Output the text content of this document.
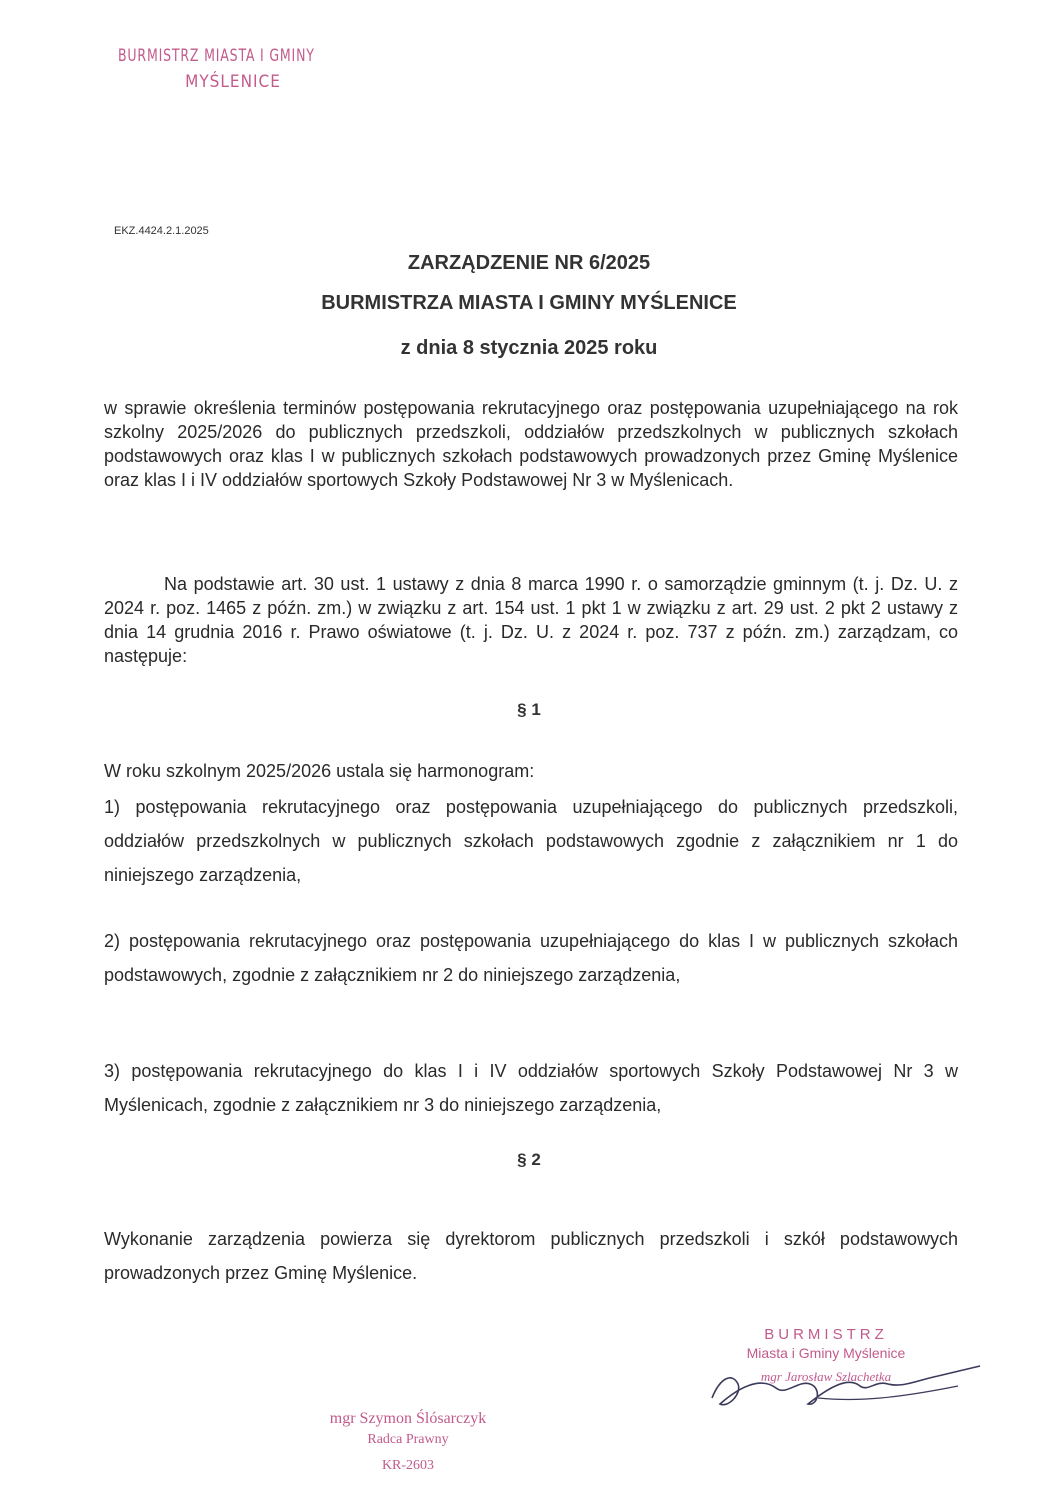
BURMISTRZ MIASTA I GMINY
MYŚLENICE
EKZ.4424.2.1.2025
ZARZĄDZENIE NR 6/2025
BURMISTRZA MIASTA I GMINY MYŚLENICE
z dnia 8 stycznia 2025 roku
w sprawie określenia terminów postępowania rekrutacyjnego oraz postępowania uzupełniającego na rok szkolny 2025/2026 do publicznych przedszkoli, oddziałów przedszkolnych w publicznych szkołach podstawowych oraz klas I w publicznych szkołach podstawowych prowadzonych przez Gminę Myślenice oraz klas I i IV oddziałów sportowych Szkoły Podstawowej Nr 3 w Myślenicach.
Na podstawie art. 30 ust. 1 ustawy z dnia 8 marca 1990 r. o samorządzie gminnym (t. j. Dz. U. z 2024 r. poz. 1465 z późn. zm.) w związku z art. 154 ust. 1 pkt 1 w związku z art. 29 ust. 2 pkt 2 ustawy z dnia 14 grudnia 2016 r. Prawo oświatowe (t. j. Dz. U. z 2024 r. poz. 737 z późn. zm.) zarządzam, co następuje:
§ 1
W roku szkolnym 2025/2026 ustala się harmonogram:
1) postępowania rekrutacyjnego oraz postępowania uzupełniającego do publicznych przedszkoli, oddziałów przedszkolnych w publicznych szkołach podstawowych zgodnie z załącznikiem nr 1 do niniejszego zarządzenia,
2) postępowania rekrutacyjnego oraz postępowania uzupełniającego do klas I w publicznych szkołach podstawowych, zgodnie z załącznikiem nr 2 do niniejszego zarządzenia,
3) postępowania rekrutacyjnego do klas I i IV oddziałów sportowych Szkoły Podstawowej Nr 3 w Myślenicach, zgodnie z załącznikiem nr 3 do niniejszego zarządzenia,
§ 2
Wykonanie zarządzenia powierza się dyrektorom publicznych przedszkoli i szkół podstawowych prowadzonych przez Gminę Myślenice.
BURMISTRZ
Miasta i Gminy Myślenice
mgr Jarosław Szlachetka
mgr Szymon Ślósarczyk
Radca Prawny
KR-2603
